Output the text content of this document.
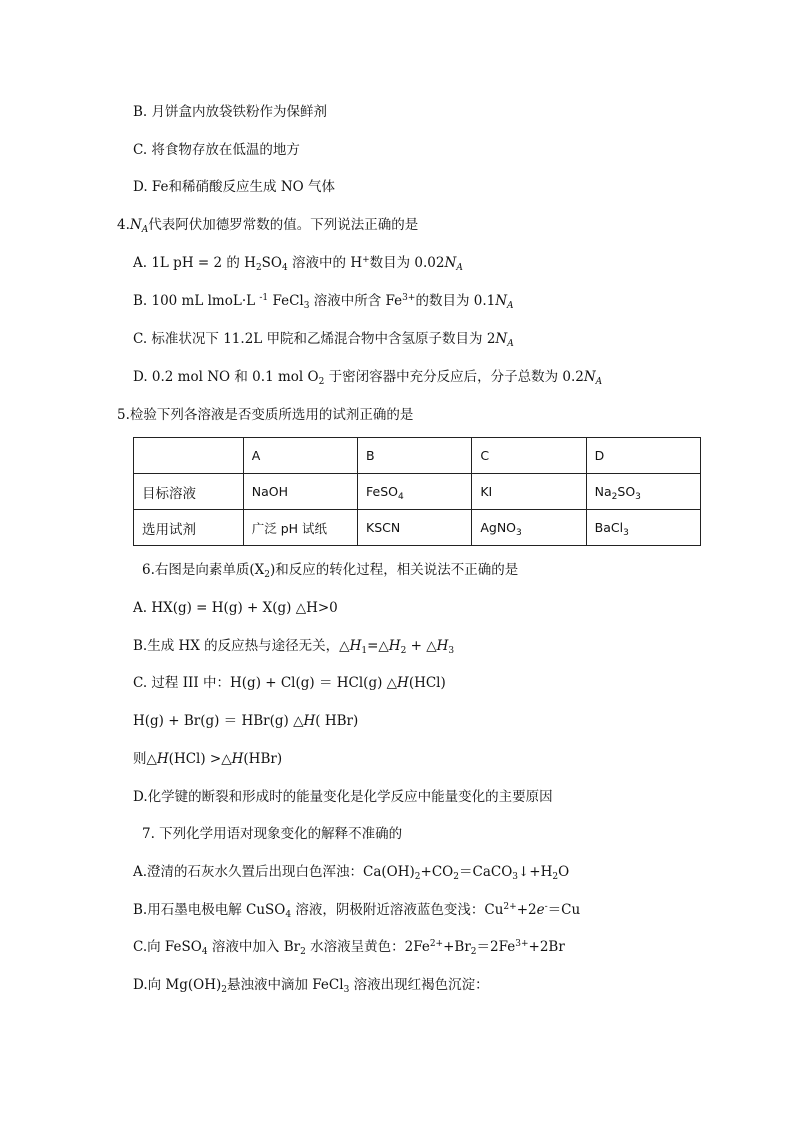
B. 月饼盒内放袋铁粉作为保鲜剂
C. 将食物存放在低温的地方
D. Fe和稀硝酸反应生成 NO 气体
$4.N_A$代表阿伏加德罗常数的值。下列说法正确的是
A. 1L pH = 2 的 $H_2SO_4$ 溶液中的 H+数目为 $0.02N_A$
B. 100 mL lmoL·L $^{-1}$ FeCl$_3$ 溶液中所含 $Fe^{3+}$的数目为 $0.1N_A$
C. 标准状况下 11.2L 甲院和乙烯混合物中含氢原子数目为 $2N_A$
D. 0.2 mol NO 和 0.1 mol $O_2$ 于密闭容器中充分反应后，分子总数为 $0.2N_A$
5.检验下列各溶液是否变质所选用的试剂正确的是
	A	B	C	D
目标溶液	NaOH	FeSO$_4$	KI	$Na_2SO_3$
选用试剂	广泛 pH 试纸	KSCN	AgNO$_3$	BaCl$_3$
6.右图是向素单质$(X_2)$和反应的转化过程，相关说法不正确的是
A. HX(g) = H(g) + X(g) △H>0
B.生成 HX 的反应热与途径无关，$\triangle H_1=\triangle H_2$ + $\triangle H_3$
C. 过程 III 中：H(g) + Cl(g) ＝ HCl(g) △H(HCl)
H(g) + Br(g) ＝ HBr(g) △H( HBr)
则△H(HCl) >△H(HBr)
D.化学键的断裂和形成时的能量变化是化学反应中能量变化的主要原因
7. 下列化学用语对现象变化的解释不准确的
A.澄清的石灰水久置后出现白色浑浊：$Ca(OH)_2+CO_2=CaCO_3↓+H_2O$
B.用石墨电极电解 CuSO$_4$ 溶液，阴极附近溶液蓝色变浅：$Cu^{2+}+2e^-=Cu$
C.向 FeSO$_4$ 溶液中加入 $Br_2$ 水溶液呈黄色：$2Fe^{2+}+Br_2=2Fe^{3+}+2Br$
D.向 $Mg(OH)_2$悬浊液中滴加 FeCl$_3$ 溶液出现红褐色沉淀：
